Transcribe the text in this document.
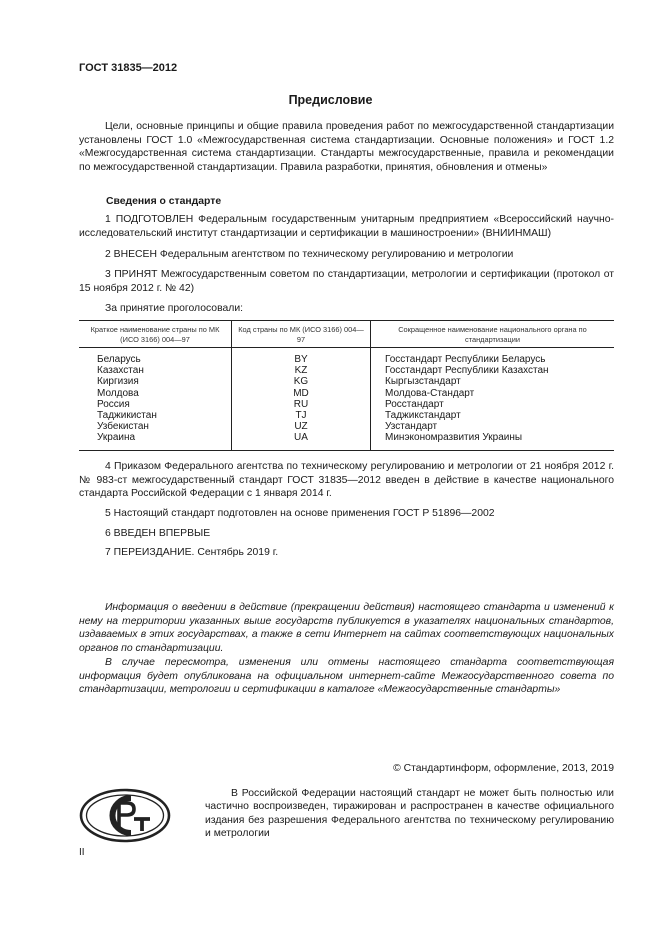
ГОСТ 31835—2012
Предисловие

Цели, основные принципы и общие правила проведения работ по межгосударственной стандартизации установлены ГОСТ 1.0 «Межгосударственная система стандартизации. Основные положения» и ГОСТ 1.2 «Межгосударственная система стандартизации. Стандарты межгосударственные, правила и рекомендации по межгосударственной стандартизации. Правила разработки, принятия, обновления и отмены»

Сведения о стандарте

1 ПОДГОТОВЛЕН Федеральным государственным унитарным предприятием «Всероссийский научно-исследовательский институт стандартизации и сертификации в машиностроении» (ВНИИНМАШ)

2 ВНЕСЕН Федеральным агентством по техническому регулированию и метрологии

3 ПРИНЯТ Межгосударственным советом по стандартизации, метрологии и сертификации (протокол от 15 ноября 2012 г. № 42)

За принятие проголосовали:

Краткое наименование страны по МК (ИСО 3166) 004—97	Код страны по МК (ИСО 3166) 004—97	Сокращенное наименование национального органа по стандартизации
Беларусь	BY	Госстандарт Республики Беларусь
Казахстан	KZ	Госстандарт Республики Казахстан
Киргизия	KG	Кыргызстандарт
Молдова	MD	Молдова-Стандарт
Россия	RU	Росстандарт
Таджикистан	TJ	Таджикстандарт
Узбекистан	UZ	Узстандарт
Украина	UA	Минэкономразвития Украины

4 Приказом Федерального агентства по техническому регулированию и метрологии от 21 ноября 2012 г. № 983-ст межгосударственный стандарт ГОСТ 31835—2012 введен в действие в качестве национального стандарта Российской Федерации с 1 января 2014 г.

5 Настоящий стандарт подготовлен на основе применения ГОСТ Р 51896—2002

6 ВВЕДЕН ВПЕРВЫЕ

7 ПЕРЕИЗДАНИЕ. Сентябрь 2019 г.

Информация о введении в действие (прекращении действия) настоящего стандарта и изменений к нему на территории указанных выше государств публикуется в указателях национальных стандартов, издаваемых в этих государствах, а также в сети Интернет на сайтах соответствующих национальных органов по стандартизации.

В случае пересмотра, изменения или отмены настоящего стандарта соответствующая информация будет опубликована на официальном интернет-сайте Межгосударственного совета по стандартизации, метрологии и сертификации в каталоге «Межгосударственные стандарты»

© Стандартинформ, оформление, 2013, 2019

В Российской Федерации настоящий стандарт не может быть полностью или частично воспроизведен, тиражирован и распространен в качестве официального издания без разрешения Федерального агентства по техническому регулированию и метрологии

II
